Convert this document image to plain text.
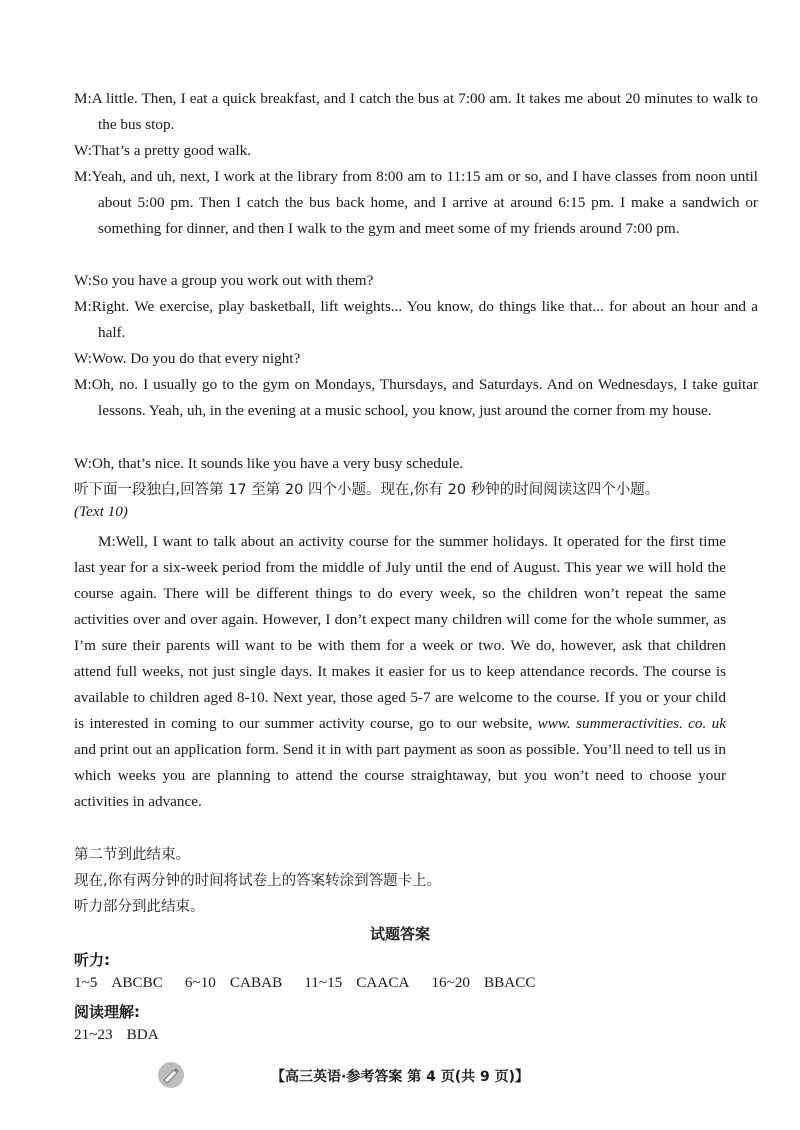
M:A little. Then, I eat a quick breakfast, and I catch the bus at 7:00 am. It takes me about 20 minutes to walk to the bus stop.
W:That’s a pretty good walk.
M:Yeah, and uh, next, I work at the library from 8:00 am to 11:15 am or so, and I have classes from noon until about 5:00 pm. Then I catch the bus back home, and I arrive at around 6:15 pm. I make a sandwich or something for dinner, and then I walk to the gym and meet some of my friends around 7:00 pm.
W:So you have a group you work out with them?
M:Right. We exercise, play basketball, lift weights... You know, do things like that... for about an hour and a half.
W:Wow. Do you do that every night?
M:Oh, no. I usually go to the gym on Mondays, Thursdays, and Saturdays. And on Wednesdays, I take guitar lessons. Yeah, uh, in the evening at a music school, you know, just around the corner from my house.
W:Oh, that’s nice. It sounds like you have a very busy schedule.
听下面一段独白,回答第 17 至第 20 四个小题。现在,你有 20 秒钟的时间阅读这四个小题。
(Text 10)
M:Well, I want to talk about an activity course for the summer holidays. It operated for the first time last year for a six-week period from the middle of July until the end of August. This year we will hold the course again. There will be different things to do every week, so the children won’t repeat the same activities over and over again. However, I don’t expect many children will come for the whole summer, as I’m sure their parents will want to be with them for a week or two. We do, however, ask that children attend full weeks, not just single days. It makes it easier for us to keep attendance records. The course is available to children aged 8-10. Next year, those aged 5-7 are welcome to the course. If you or your child is interested in coming to our summer activity course, go to our website, www. summeractivities. co. uk and print out an application form. Send it in with part payment as soon as possible. You’ll need to tell us in which weeks you are planning to attend the course straightaway, but you won’t need to choose your activities in advance.
第二节到此结束。
现在,你有两分钟的时间将试卷上的答案转涂到答题卡上。
听力部分到此结束。
试题答案
听力:
1~5 ABCBC 6~10 CABAB 11~15 CAACA 16~20 BBACC
阅读理解:
21~23 BDA
【高三英语·参考答案 第 4 页(共 9 页)】
